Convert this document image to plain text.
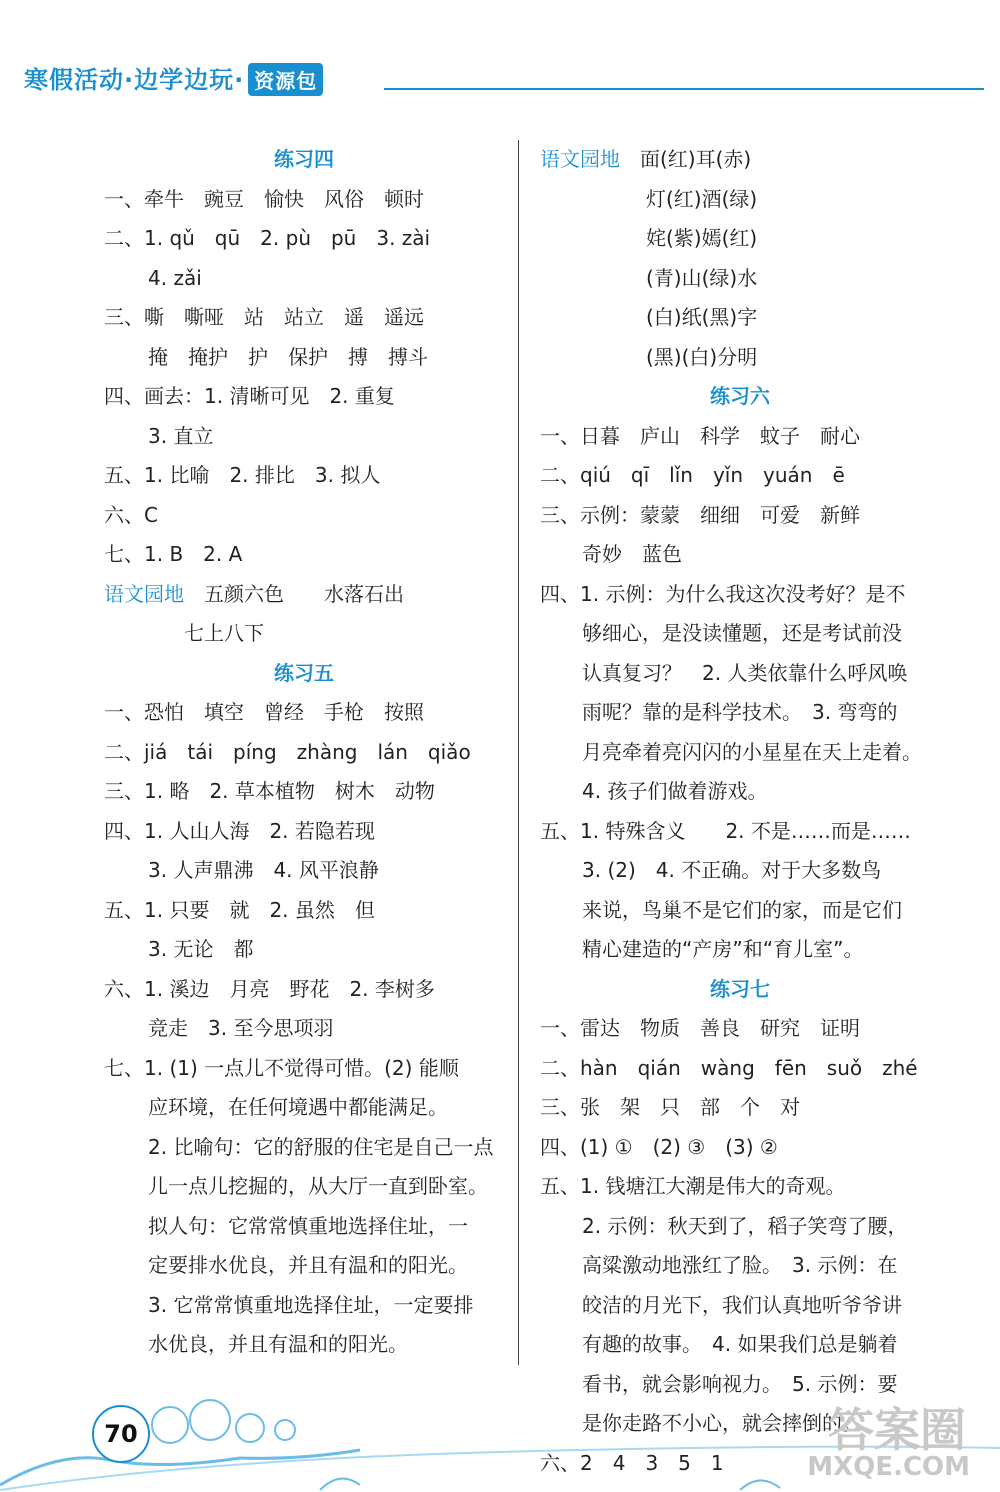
寒假活动·边学边玩· 资源包
练习四
一、牵牛　豌豆　愉快　风俗　顿时
二、1. qǔ　qū　2. pù　pū　3. zài
4. zǎi
三、嘶　嘶哑　站　站立　遥　遥远
掩　掩护　护　保护　搏　搏斗
四、画去：1. 清晰可见　2. 重复
3. 直立
五、1. 比喻　2. 排比　3. 拟人
六、C
七、1. B　2. A
语文园地　五颜六色　　水落石出
　　　　七上八下
练习五
一、恐怕　填空　曾经　手枪　按照
二、jiá　tái　píng　zhàng　lán　qiǎo
三、1. 略　2. 草本植物　树木　动物
四、1. 人山人海　2. 若隐若现
3. 人声鼎沸　4. 风平浪静
五、1. 只要　就　2. 虽然　但
3. 无论　都
六、1. 溪边　月亮　野花　2. 李树多
竞走　3. 至今思项羽
七、1. (1) 一点儿不觉得可惜。(2) 能顺
应环境，在任何境遇中都能满足。
2. 比喻句：它的舒服的住宅是自己一点
儿一点儿挖掘的，从大厅一直到卧室。
拟人句：它常常慎重地选择住址，一
定要排水优良，并且有温和的阳光。
3. 它常常慎重地选择住址，一定要排
水优良，并且有温和的阳光。
语文园地　面(红)耳(赤)
灯(红)酒(绿)
姹(紫)嫣(红)
(青)山(绿)水
(白)纸(黑)字
(黑)(白)分明
练习六
一、日暮　庐山　科学　蚊子　耐心
二、qiú　qī　lǐn　yǐn　yuán　ē
三、示例：蒙蒙　细细　可爱　新鲜
奇妙　蓝色
四、1. 示例：为什么我这次没考好？是不
够细心，是没读懂题，还是考试前没
认真复习？　2. 人类依靠什么呼风唤
雨呢？靠的是科学技术。　3. 弯弯的
月亮牵着亮闪闪的小星星在天上走着。
4. 孩子们做着游戏。
五、1. 特殊含义　　2. 不是……而是……
3. (2)　4. 不正确。对于大多数鸟
来说，鸟巢不是它们的家，而是它们
精心建造的“产房”和“育儿室”。
练习七
一、雷达　物质　善良　研究　证明
二、hàn　qián　wàng　fēn　suǒ　zhé
三、张　架　只　部　个　对
四、(1) ①　(2) ③　(3) ②
五、1. 钱塘江大潮是伟大的奇观。
2. 示例：秋天到了，稻子笑弯了腰，
高粱激动地涨红了脸。　3. 示例：在
皎洁的月光下，我们认真地听爷爷讲
有趣的故事。　4. 如果我们总是躺着
看书，就会影响视力。　5. 示例：要
是你走路不小心，就会摔倒的。
六、2　4　3　5　1
70	答案圈
MXQE.COM
